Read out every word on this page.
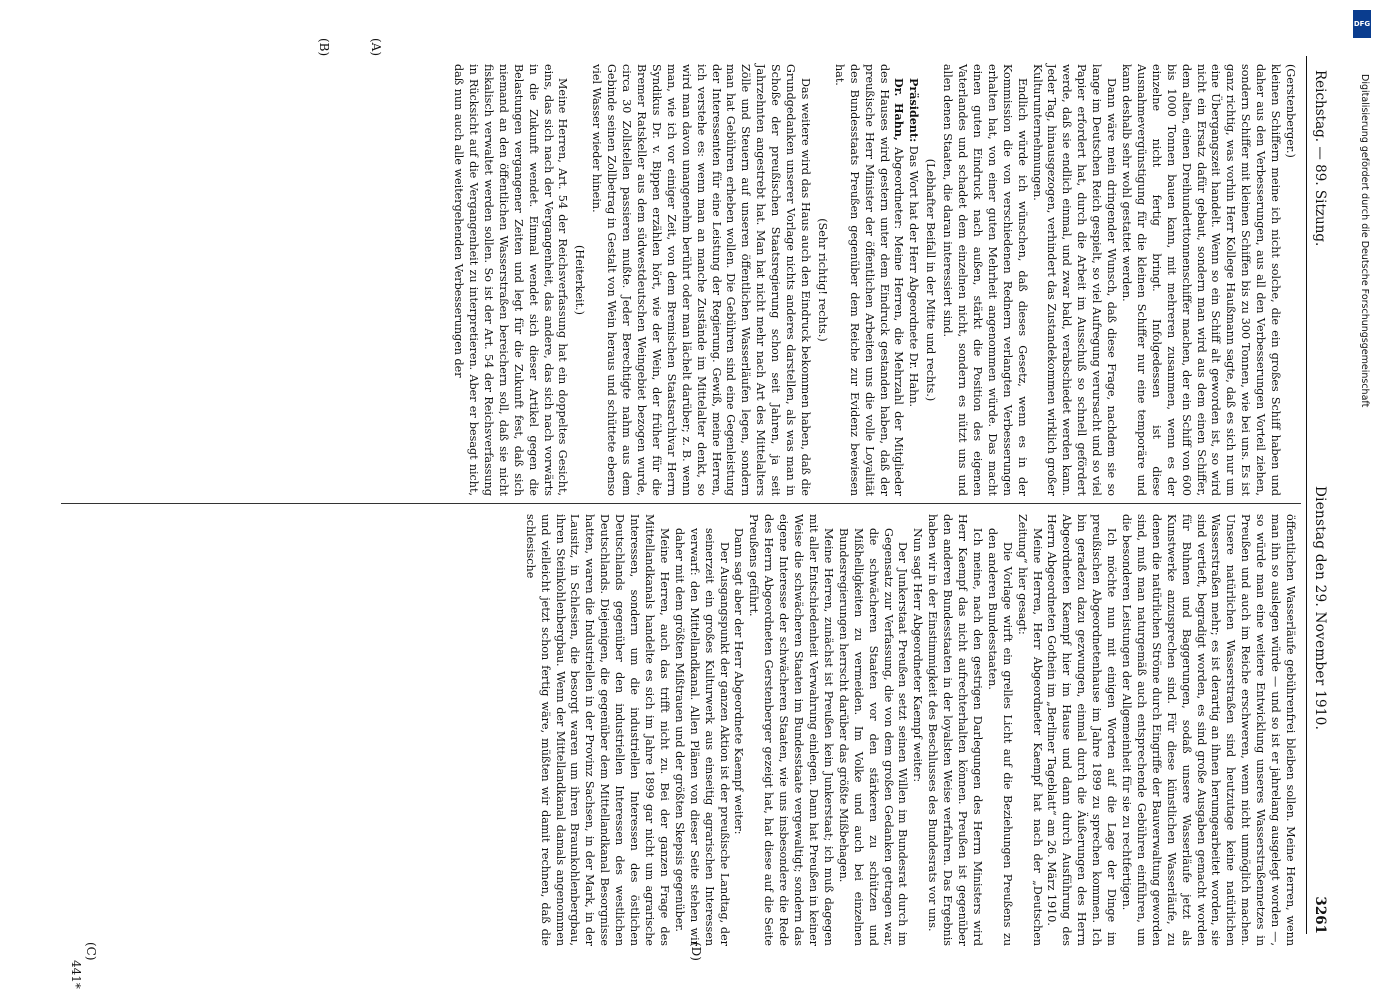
Reichstag. — 89. Sitzung.
Dienstag den 29. November 1910.
3261
(A)
(B)
(C)	(D)

(Gerstenberger.)

kleinen Schiffern meine ich nicht solche, die ein großes Schiff haben und daher aus den Verbesserungen, aus all den Verbesserungen Vorteil ziehen, sondern Schiffer mit kleinen Schiffen bis zu 300 Tonnen, wie bei uns. Es ist ganz richtig, was vorhin Herr Kollege Haußmann sagte, daß es sich nur um eine Übergangszeit handelt. Wenn so ein Schiff alt geworden ist, so wird nicht ein Ersatz dafür gebaut, sondern man wird aus dem einen Schiffer, dem alten, einen Dreihunderttonnenschiffer machen, der ein Schiff von 600 bis 1000 Tonnen bauen kann, mit mehreren zusammen, wenn es der einzelne nicht fertig bringt. Infolgedessen ist diese Ausnahmevergünstigung für die kleinen Schiffer nur eine temporäre und kann deshalb sehr wohl gestattet werden.

Dann wäre mein dringender Wunsch, daß diese Frage, nachdem sie so lange im Deutschen Reich gespielt, so viel Aufregung verursacht und so viel Papier erfordert hat, durch die Arbeit im Ausschuß so schnell gefördert werde, daß sie endlich einmal, und zwar bald, verabschiedet werden kann. Jeder Tag, hinausgezogen, verhindert das Zustandekommen wirklich großer Kulturunternehmungen.

Endlich würde ich wünschen, daß dieses Gesetz, wenn es in der Kommission die von verschiedenen Rednern verlangten Verbesserungen erhalten hat, von einer guten Mehrheit angenommen würde. Das macht einen guten Eindruck nach außen, stärkt die Position des eigenen Vaterlandes und schadet dem einzelnen nicht, sondern es nützt uns und allen denen Staaten, die daran interessiert sind.

(Lebhafter Beifall in der Mitte und rechts.)

Präsident: Das Wort hat der Herr Abgeordnete Dr. Hahn.

Dr. Hahn, Abgeordneter: Meine Herren, die Mehrzahl der Mitglieder des Hauses wird gestern unter dem Eindruck gestanden haben, daß der preußische Herr Minister der öffentlichen Arbeiten uns die volle Loyalität des Bundesstaats Preußen gegenüber dem Reiche zur Evidenz bewiesen hat.

(Sehr richtig! rechts.)

Das weitere wird das Haus auch den Eindruck bekommen haben, daß die Grundgedanken unserer Vorlage nichts anderes darstellen, als was man in Schoße der preußischen Staatsregierung schon seit Jahren, ja seit Jahrzehnten angestrebt hat. Man hat nicht mehr nach Art des Mittelalters Zölle und Steuern auf unseren öffentlichen Wasserläufen legen, sondern man hat Gebühren erheben wollen. Die Gebühren sind eine Gegenleistung der Interessenten für eine Leistung der Regierung. Gewiß, meine Herren, ich verstehe es: wenn man an manche Zustände im Mittelalter denkt, so wird man davon unangenehm berührt oder man lächelt darüber; z. B. wenn man, wie ich vor einiger Zeit, von dem Bremischen Staatsarchivar Herrn Syndikus Dr. v. Bippen erzählen hört, wie der Wein, der früher für die Bremer Ratskeller aus dem südwestdeutschen Weingebiet bezogen wurde, circa 30 Zollstellen passieren mußte. Jeder Berechtigte nahm aus dem Gebinde seinen Zollbetrag in Gestalt von Wein heraus und schüttete ebenso viel Wasser wieder hinein.

(Heiterkeit.)

Meine Herren, Art. 54 der Reichsverfassung hat ein doppeltes Gesicht, eins, das sich nach der Vergangenheit, das andere, das sich nach vorwärts in die Zukunft wendet. Einmal wendet sich dieser Artikel gegen die Belastungen vergangener Zeiten und legt für die Zukunft fest, daß sich niemand an den öffentlichen Wasserstraßen bereichern soll, daß sie nicht fiskalisch verwaltet werden sollen. So ist der Art. 54 der Reichsverfassung in Rücksicht auf die Vergangenheit zu interpretieren. Aber er besagt nicht, daß nun auch alle weitergehenden Verbesserungen der

öffentlichen Wasserläufe gebührenfrei bleiben sollen. Meine Herren, wenn man ihn so auslegen würde — und so ist er jahrelang ausgelegt worden —, so würde man eine weitere Entwicklung unseres Wasserstraßennetzes in Preußen und auch im Reiche erschweren, wenn nicht unmöglich machen. Unsere natürlichen Wasserstraßen sind heutzutage keine natürlichen Wasserstraßen mehr; es ist derartig an ihnen herumgearbeitet worden, sie sind vertieft, begradigt worden, es sind große Ausgaben gemacht worden für Buhnen und Baggerungen, sodaß unsere Wasserläufe jetzt als Kunstwerke anzusprechen sind. Für diese künstlichen Wasserläufe, zu denen die natürlichen Ströme durch Eingriffe der Bauverwaltung geworden sind, muß man naturgemäß auch entsprechende Gebühren einführen, um die besonderen Leistungen der Allgemeinheit für sie zu rechtfertigen.

Ich möchte nun mit einigen Worten auf die Lage der Dinge im preußischen Abgeordnetenhause im Jahre 1899 zu sprechen kommen. Ich bin geradezu dazu gezwungen, einmal durch die Äußerungen des Herrn Abgeordneten Kaempf hier im Hause und dann durch Ausführung des Herrn Abgeordneten Gothein im „Berliner Tageblatt“ am 26. März 1910.

Meine Herren, Herr Abgeordneter Kaempf hat nach der „Deutschen Zeitung“ hier gesagt:

Die Vorlage wirft ein grelles Licht auf die Beziehungen Preußens zu den anderen Bundesstaaten.

Ich meine, nach den gestrigen Darlegungen des Herrn Ministers wird Herr Kaempf das nicht aufrechterhalten können. Preußen ist gegenüber den anderen Bundesstaaten in der loyalsten Weise verfahren. Das Ergebnis haben wir in der Einstimmigkeit des Beschlusses des Bundesrats vor uns.

Nun sagt Herr Abgeordneter Kaempf weiter:

Der Junkerstaat Preußen setzt seinen Willen im Bundesrat durch im Gegensatz zur Verfassung, die von dem großen Gedanken getragen war, die schwächeren Staaten vor den stärkeren zu schützen und Mißhelligkeiten zu vermeiden. Im Volke und auch bei einzelnen Bundesregierungen herrscht darüber das größte Mißbehagen.

Meine Herren, zunächst ist Preußen kein Junkerstaat; ich muß dagegen mit aller Entschiedenheit Verwahrung einlegen. Dann hat Preußen in keiner Weise die schwächeren Staaten im Bundesstaate vergewaltigt; sondern das eigene Interesse der schwächeren Staaten, wie uns insbesondere die Rede des Herrn Abgeordneten Gerstenberger gezeigt hat, hat diese auf die Seite Preußens geführt.

Dann sagt aber der Herr Abgeordnete Kaempf weiter:

Der Ausgangspunkt der ganzen Aktion ist der preußische Landtag, der seinerzeit ein großes Kulturwerk aus einseitig agrarischen Interessen verwarf: den Mittellandkanal. Allen Plänen von dieser Seite stehen wir daher mit dem größten Mißtrauen und der größten Skepsis gegenüber.

Meine Herren, auch das trifft nicht zu. Bei der ganzen Frage des Mittellandkanals handelte es sich im Jahre 1899 gar nicht um agrarische Interessen, sondern um die industriellen Interessen des östlichen Deutschlands gegenüber den industriellen Interessen des westlichen Deutschlands. Diejenigen, die gegenüber dem Mittellandkanal Besorgnisse hatten, waren die Industriellen in der Provinz Sachsen, in der Mark, in der Lausitz, in Schlesien, die besorgt waren um ihren Braunkohlenbergbau, ihren Steinkohlenbergbau. Wenn der Mittellandkanal damals angenommen und vielleicht jetzt schon fertig wäre, müßten wir damit rechnen, daß die schlesische

441*
DFG
Digitalisierung gefördert durch die Deutsche Forschungsgemeinschaft
